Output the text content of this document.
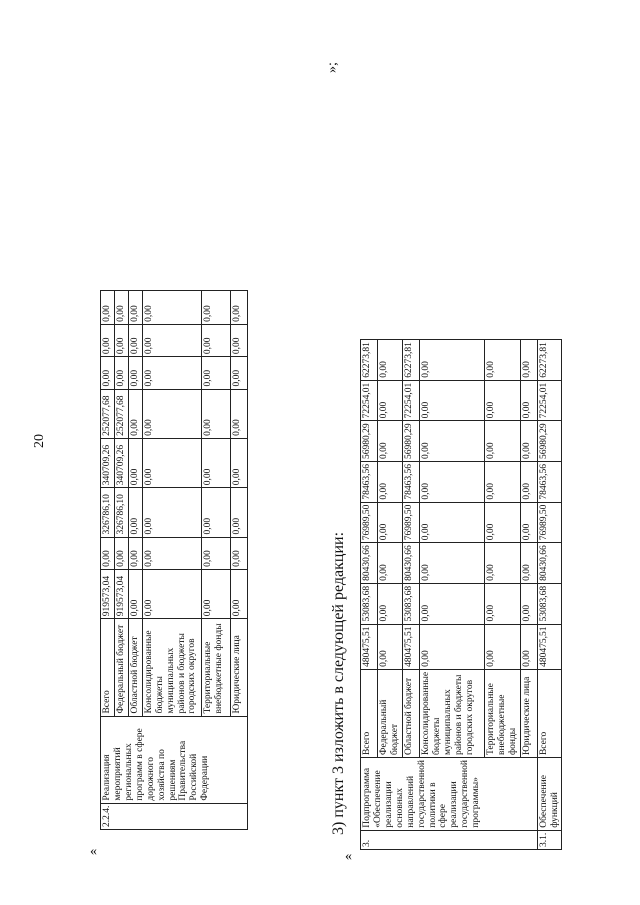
20
«
2.2.4.	Реализация мероприятий региональных программ в сфере дорожного хозяйства по решениям Правительства Российской Федерации	Всего	919573,04	0,00	326786,10	340709,26	252077,68	0,00	0,00	0,00
		Федеральный бюджет	919573,04	0,00	326786,10	340709,26	252077,68	0,00	0,00	0,00
		Областной бюджет	0,00	0,00	0,00	0,00	0,00	0,00	0,00	0,00
		Консолидированные бюджеты муниципальных районов и бюджеты городских округов	0,00	0,00	0,00	0,00	0,00	0,00	0,00	0,00
		Территориальные внебюджетные фонды	0,00	0,00	0,00	0,00	0,00	0,00	0,00	0,00
		Юридические лица	0,00	0,00	0,00	0,00	0,00	0,00	0,00	0,00
3) пункт 3 изложить в следующей редакции:
»;
«
3.	Подпрограмма «Обеспечение реализации основных направлений государственной политики в сфере реализации государственной программы»	Всего	480475,51	53083,68	80430,66	76989,50	78463,56	56980,29	72254,01	62273,81
		Федеральный бюджет	0,00	0,00	0,00	0,00	0,00	0,00	0,00	0,00
		Областной бюджет	480475,51	53083,68	80430,66	76989,50	78463,56	56980,29	72254,01	62273,81
		Консолидированные бюджеты муниципальных районов и бюджеты городских округов	0,00	0,00	0,00	0,00	0,00	0,00	0,00	0,00
		Территориальные внебюджетные фонды	0,00	0,00	0,00	0,00	0,00	0,00	0,00	0,00
		Юридические лица	0,00	0,00	0,00	0,00	0,00	0,00	0,00	0,00
3.1.	Обеспечение функций	Всего	480475,51	53083,68	80430,66	76989,50	78463,56	56980,29	72254,01	62273,81
